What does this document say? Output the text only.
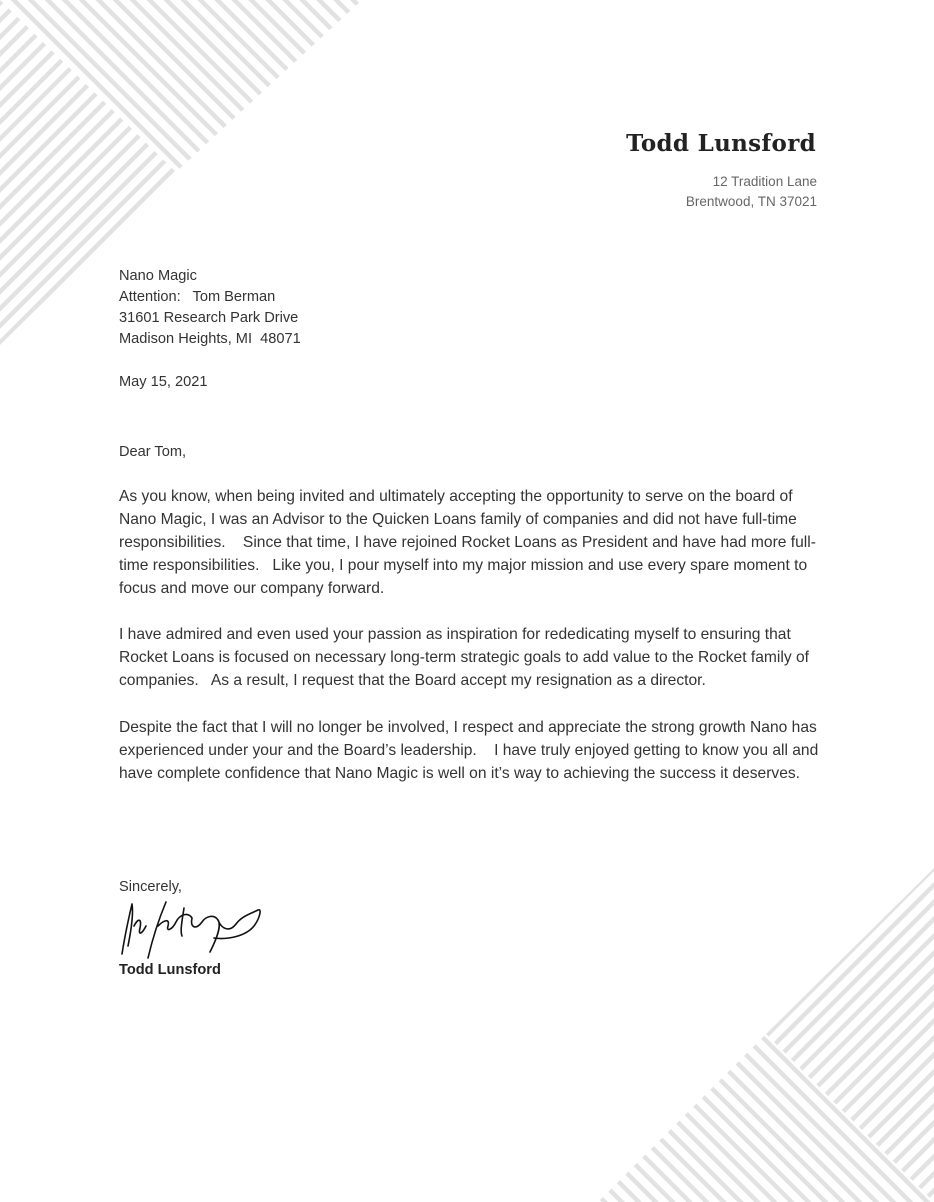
Todd Lunsford
12 Tradition Lane
Brentwood, TN 37021
Nano Magic
Attention:   Tom Berman
31601 Research Park Drive
Madison Heights, MI  48071
May 15, 2021
Dear Tom,
As you know, when being invited and ultimately accepting the opportunity to serve on the board of Nano Magic, I was an Advisor to the Quicken Loans family of companies and did not have full-time responsibilities.    Since that time, I have rejoined Rocket Loans as President and have had more full-time responsibilities.   Like you, I pour myself into my major mission and use every spare moment to focus and move our company forward.
I have admired and even used your passion as inspiration for rededicating myself to ensuring that Rocket Loans is focused on necessary long-term strategic goals to add value to the Rocket family of companies.   As a result, I request that the Board accept my resignation as a director.
Despite the fact that I will no longer be involved, I respect and appreciate the strong growth Nano has experienced under your and the Board’s leadership.    I have truly enjoyed getting to know you all and have complete confidence that Nano Magic is well on it’s way to achieving the success it deserves.
Sincerely,
Todd Lunsford
